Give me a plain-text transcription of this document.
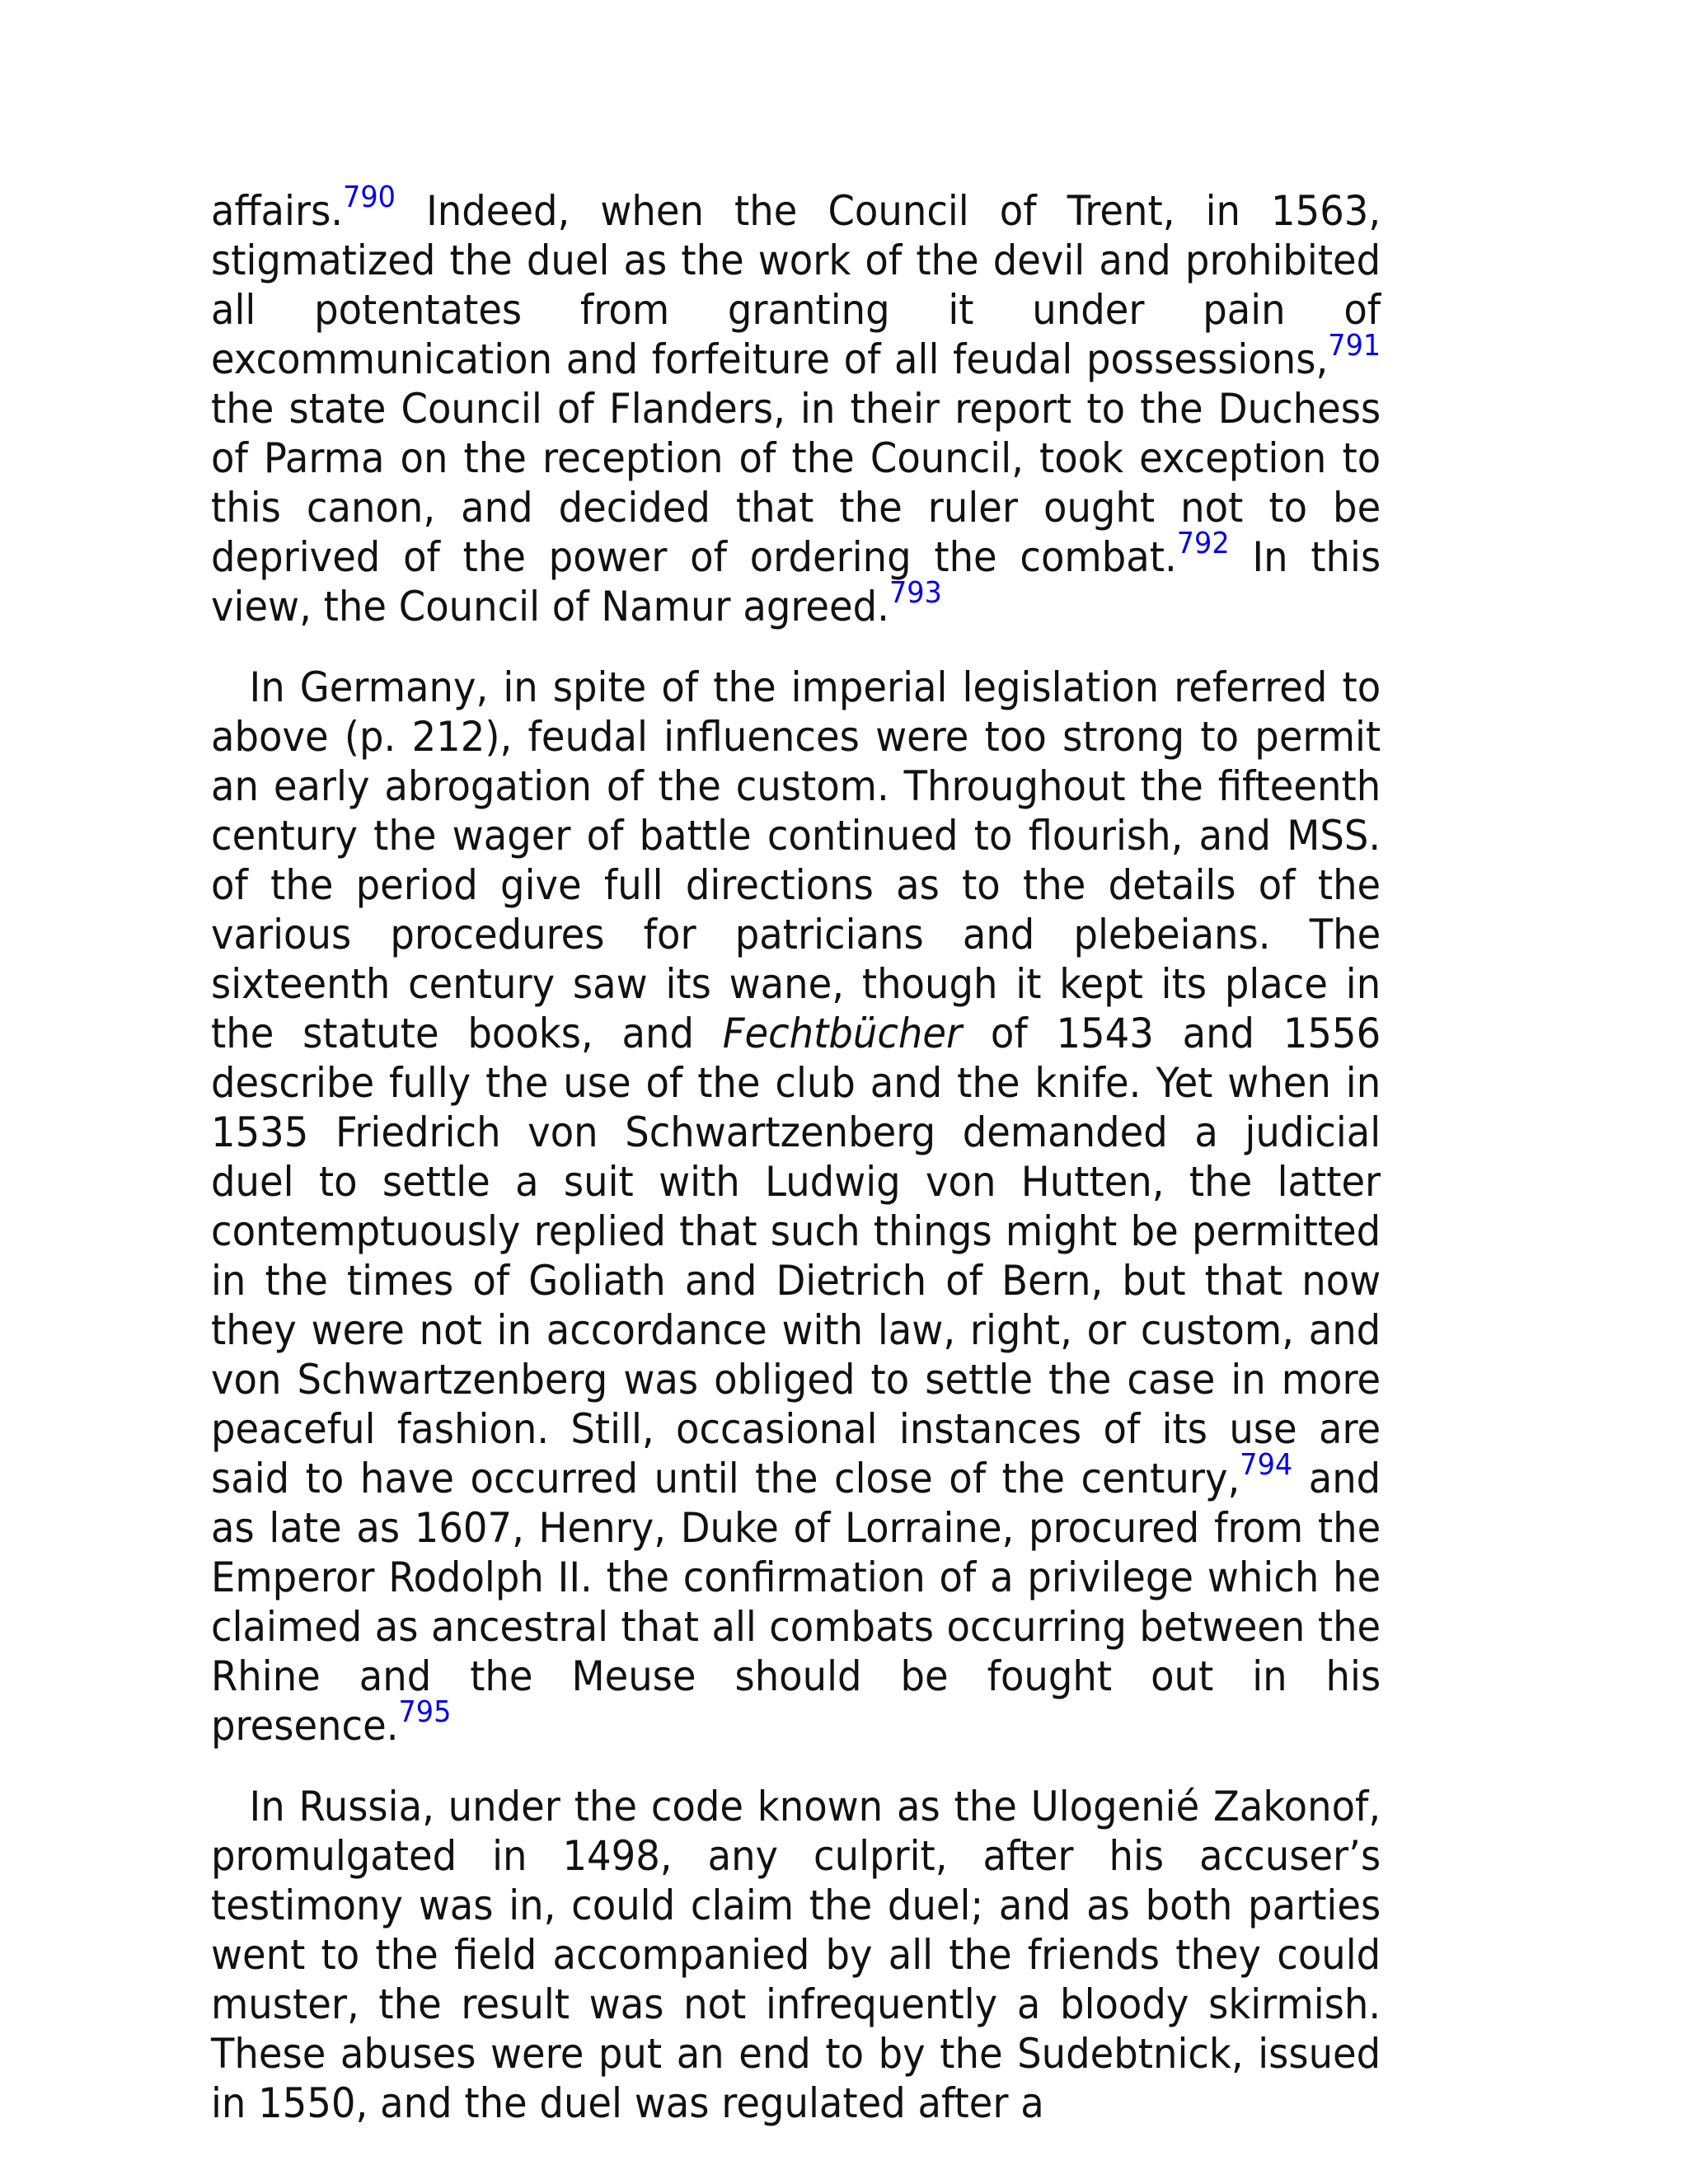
affairs.$^{790}$ Indeed, when the Council of Trent, in 1563, stigmatized the duel as the work of the devil and prohibited all potentates from granting it under pain of excommunication and forfeiture of all feudal possessions,$^{791}$ the state Council of Flanders, in their report to the Duchess of Parma on the reception of the Council, took exception to this canon, and decided that the ruler ought not to be deprived of the power of ordering the combat.$^{792}$ In this view, the Council of Namur agreed.$^{793}$

In Germany, in spite of the imperial legislation referred to above (p. 212), feudal influences were too strong to permit an early abrogation of the custom. Throughout the fifteenth century the wager of battle continued to flourish, and MSS. of the period give full directions as to the details of the various procedures for patricians and plebeians. The sixteenth century saw its wane, though it kept its place in the statute books, and Fechtbücher of 1543 and 1556 describe fully the use of the club and the knife. Yet when in 1535 Friedrich von Schwartzenberg demanded a judicial duel to settle a suit with Ludwig von Hutten, the latter contemptuously replied that such things might be permitted in the times of Goliath and Dietrich of Bern, but that now they were not in accordance with law, right, or custom, and von Schwartzenberg was obliged to settle the case in more peaceful fashion. Still, occasional instances of its use are said to have occurred until the close of the century,$^{794}$ and as late as 1607, Henry, Duke of Lorraine, procured from the Emperor Rodolph II. the confirmation of a privilege which he claimed as ancestral that all combats occurring between the Rhine and the Meuse should be fought out in his presence.$^{795}$

In Russia, under the code known as the Ulogenié Zakonof, promulgated in 1498, any culprit, after his accuser’s testimony was in, could claim the duel; and as both parties went to the field accompanied by all the friends they could muster, the result was not infrequently a bloody skirmish. These abuses were put an end to by the Sudebtnick, issued in 1550, and the duel was regulated after a
